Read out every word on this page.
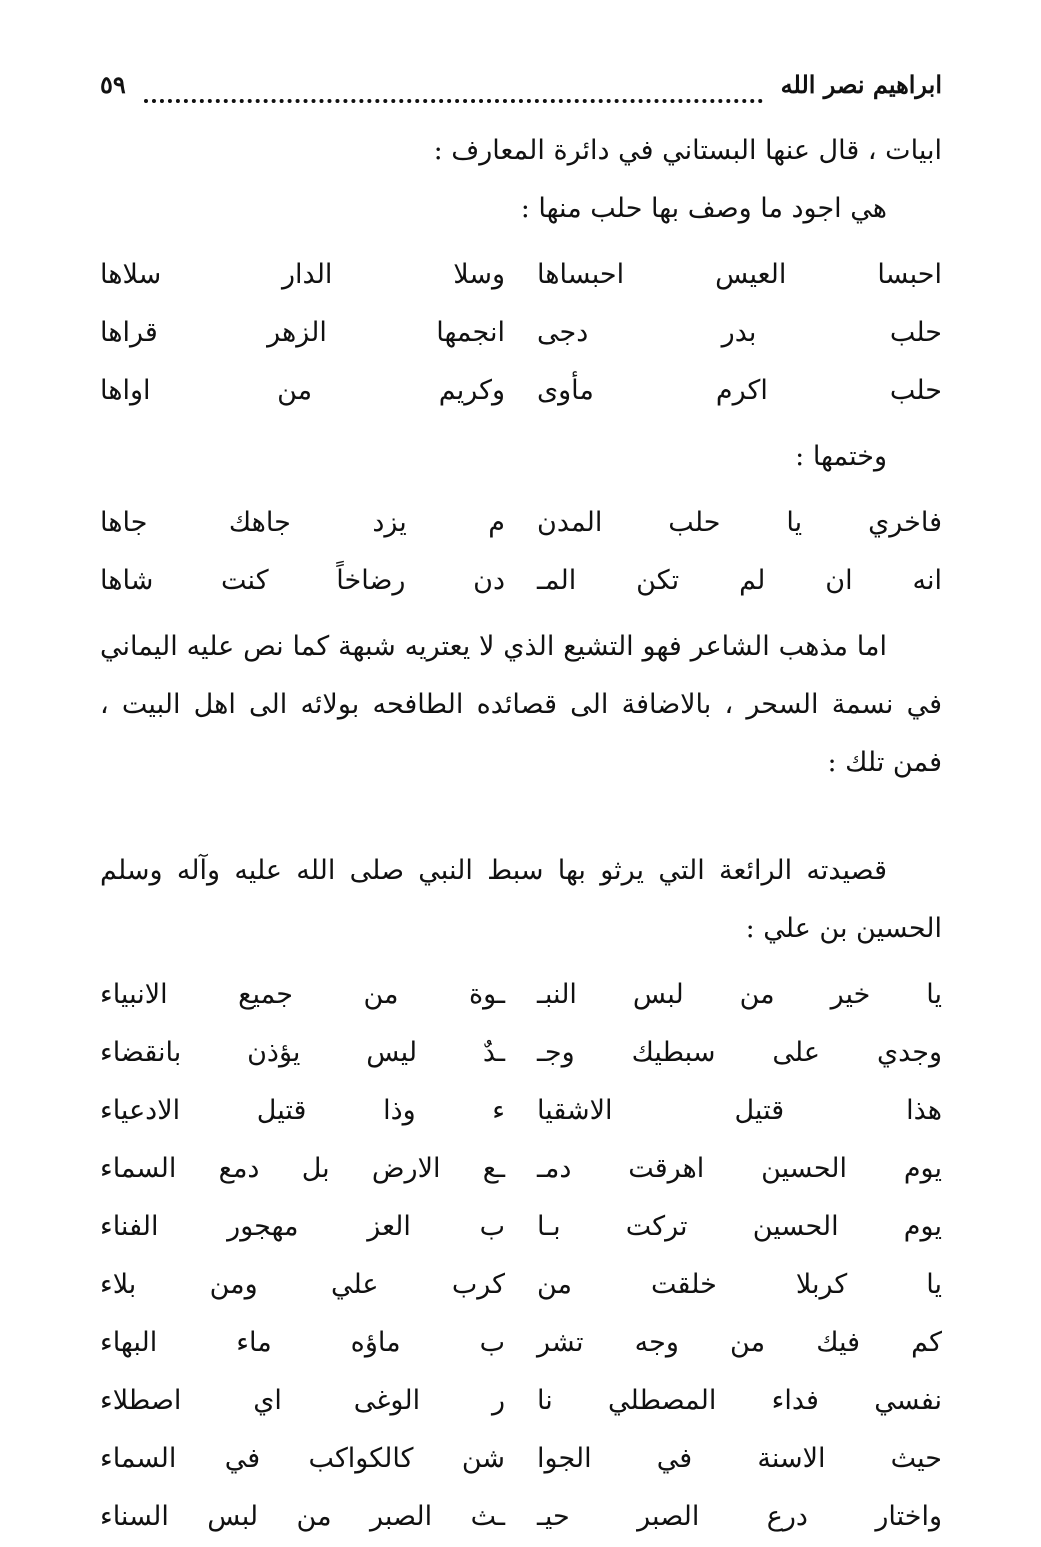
ابراهيم نصر الله
٥٩

ابيات ، قال عنها البستاني في دائرة المعارف :

هي اجود ما وصف بها حلب منها :

احبسا العيس احبساها
وسلا الدار سلاها
حلب بدر دجى
انجمها الزهر قراها
حلب اكرم مأوى
وكريم من اواها

وختمها :

فاخري يا حلب المدن
م يزد جاهك جاها
انه ان لم تكن المـ
دن رضاخاً كنت شاها

اما مذهب الشاعر فهو التشيع الذي لا يعتريه شبهة كما نص عليه اليماني في نسمة السحر ، بالاضافة الى قصائده الطافحه بولائه الى اهل البيت ، فمن تلك :

قصيدته الرائعة التي يرثو بها سبط النبي صلى الله عليه وآله وسلم الحسين بن علي :

يا خير من لبس النبـ
ـوة من جميع الانبياء
وجدي على سبطيك وجـ
ـدٌ ليس يؤذن بانقضاء
هذا قتيل الاشقيا
ء وذا قتيل الادعياء
يوم الحسين اهرقت دمـ
ـع الارض بل دمع السماء
يوم الحسين تركت بـا
ب العز مهجور الفناء
يا كربلا خلقت من
كرب علي ومن بلاء
كم فيك من وجه تشر
ب ماؤه ماء البهاء
نفسي فداء المصطلي نا
ر الوغى اي اصطلاء
حيث الاسنة في الجوا
شن كالكواكب في السماء
واختار درع الصبر حيـ
ـث الصبر من لبس السناء
